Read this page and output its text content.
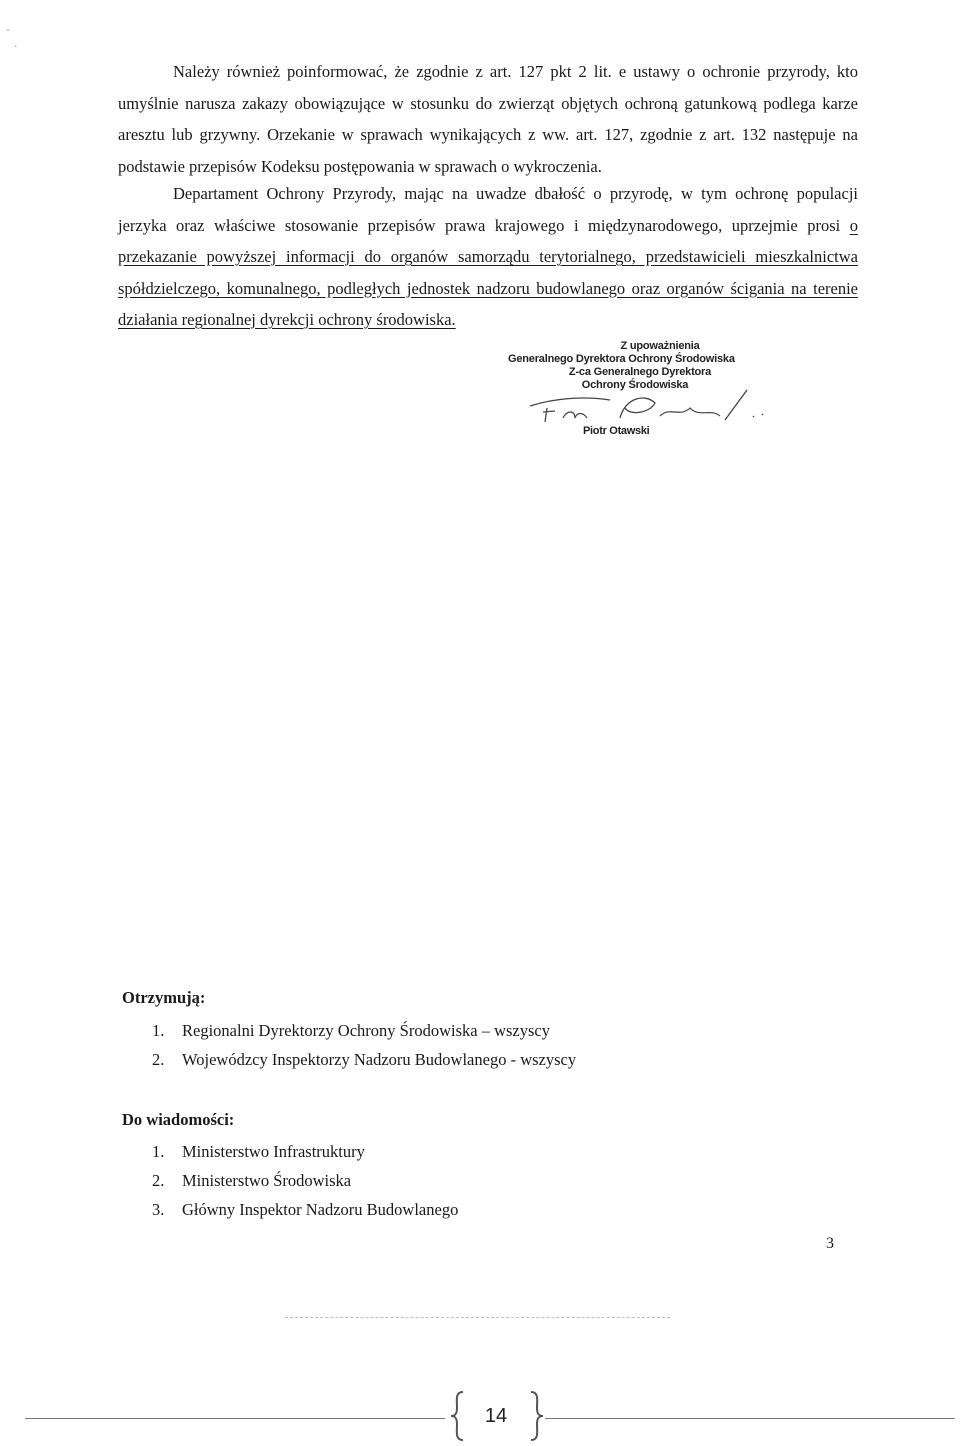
-
.
Należy również poinformować, że zgodnie z art. 127 pkt 2 lit. e ustawy o ochronie przyrody, kto umyślnie narusza zakazy obowiązujące w stosunku do zwierząt objętych ochroną gatunkową podlega karze aresztu lub grzywny. Orzekanie w sprawach wynikających z ww. art. 127, zgodnie z art. 132 następuje na podstawie przepisów Kodeksu postępowania w sprawach o wykroczenia.
Departament Ochrony Przyrody, mając na uwadze dbałość o przyrodę, w tym ochronę populacji jerzyka oraz właściwe stosowanie przepisów prawa krajowego i międzynarodowego, uprzejmie prosi o przekazanie powyższej informacji do organów samorządu terytorialnego, przedstawicieli mieszkalnictwa spółdzielczego, komunalnego, podległych jednostek nadzoru budowlanego oraz organów ścigania na terenie działania regionalnej dyrekcji ochrony środowiska.
Z upoważnienia
Generalnego Dyrektora Ochrony Środowiska
Z-ca Generalnego Dyrektora
Ochrony Środowiska
Piotr Otawski
Otrzymują:
1. Regionalni Dyrektorzy Ochrony Środowiska – wszyscy
2. Wojewódzcy Inspektorzy Nadzoru Budowlanego - wszyscy
Do wiadomości:
1. Ministerstwo Infrastruktury
2. Ministerstwo Środowiska
3. Główny Inspektor Nadzoru Budowlanego
3
14
